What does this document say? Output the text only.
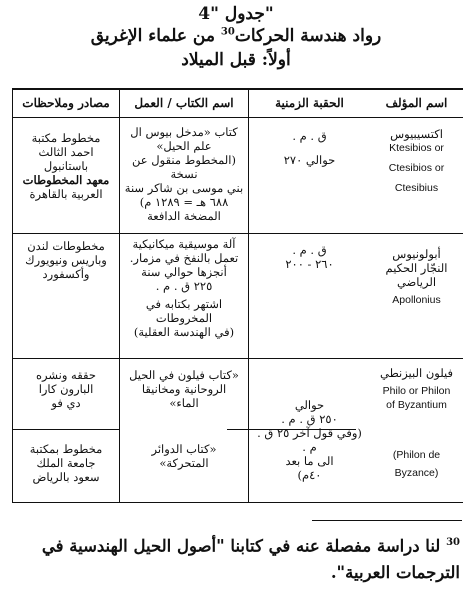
جدول "4"
رواد هندسة الحركات$^{30}$ من علماء الإغريق
أولاً: قبل الميلاد
اسم المؤلف
الحقبة الزمنية
اسم الكتاب / العمل
مصادر وملاحظات
اكتسيبيوس
Ktesibios or
Ctesibios or
Ctesibius
ق . م .
حوالي ٢٧٠
كتاب «مدخل بيوس ال
علم الحيل»
(المخطوط منقول عن نسخة
بني موسى بن شاكر سنة
٦٨٨ هـ = ١٢٨٩ م)
المضخة الدافعة
مخطوط مكتبة
احمد الثالث
باستانبول
معهد المخطوطات
العربية بالقاهرة
أبولونيوس
النجّار الحكيم الرياضي
Apollonius
ق . م .
٢٦٠ - ٢٠٠
آلة موسيقية ميكانيكية
تعمل بالنفخ في مزمار.
أنجزها حوالي سنة
٢٢٥ ق . م .
اشتهر بكتابه في المخروطات
(في الهندسة العقلية)
مخطوطات لندن
وباريس ونيويورك
وأكسفورد
فيلون البيزنطي
Philo or Philon
of Byzantium
(Philon de
Byzance)
حوالي
٢٥٠ ق . م .
(وفي قول آخر ٢٥ ق . م .
الى ما بعد
٤٠م)
«كتاب فيلون في الحيل
الروحانية ومخانيقا
الماء»
«كتاب الدوائر
المتحركة»
حققه ونشره
البارون كارا
دي فو
مخطوط بمكتبة
جامعة الملك
سعود بالرياض
$^{30}$ لنا دراسة مفصلة عنه في كتابنا "أصول الحيل الهندسية في الترجمات العربية".
